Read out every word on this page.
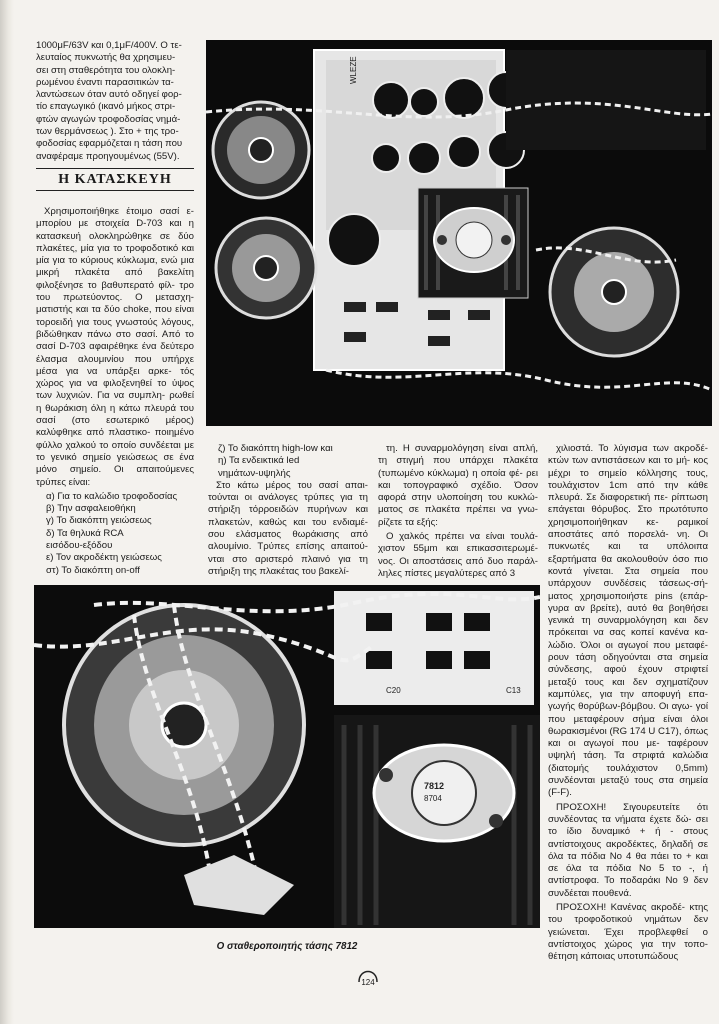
1000μF/63V και 0,1μF/400V. Ο τε-
λευταίος πυκνωτής θα χρησιμευ-
σει στη σταθερότητα του ολοκλη-
ρωμένου έναντι παρασιτικών τα-
λαντώσεων όταν αυτό οδηγεί φορ-
τίο επαγωγικό (ικανό μήκος στρι-
φτών αγωγών τροφοδοσίας νημά-
των θερμάνσεως ). Στο + της τρο-
φοδοσίας εφαρμόζεται η τάση που
αναφέραμε προηγουμένως (55V).
Η ΚΑΤΑΣΚΕΥΗ

Χρησιμοποιήθηκε έτοιμο σασί ε- μπορίου με στοιχεία D-703 και η κατασκευή ολοκληρώθηκε σε δύο πλακέτες, μία για το τροφοδοτικό και μία για το κύριους κύκλωμα, ενώ μια μικρή πλακέτα από βακελίτη φιλοξένησε το βαθυπερατό φίλ- τρο του πρωτεύοντος. Ο μετασχη- ματιστής και τα δύο choke, που είναι τοροειδή για τους γνωστούς λόγους, βιδώθηκαν πάνω στο σασί. Από το σασί D-703 αφαιρέθηκε ένα δεύτερο έλασμα αλουμινίου που υπήρχε μέσα για να υπάρξει αρκε- τός χώρος για να φιλοξενηθεί το ύψος των λυχνιών. Για να συμπλη- ρωθεί η θωράκιση όλη η κάτω πλευρά του σασί (στο εσωτερικό μέρος) καλύφθηκε από πλαστικο- ποιημένο φύλλο χαλκού το οποίο συνδέεται με το γενικό σημείο γειώσεως σε ένα μόνο σημείο. Οι απαιτούμενες τρύπες είναι:

α) Για το καλώδιο τροφοδοσίας
β) Την ασφαλειοθήκη
γ) Το διακόπτη γειώσεως
δ) Τα θηλυκά RCA
εισόδου-εξόδου
ε) Τον ακροδέκτη γειώσεως
στ) Το διακόπτη on-off
WLEZE
ζ) Το διακόπτη high-low και
η) Τα ενδεικτικά led
νημάτων-υψηλής

Στο κάτω μέρος του σασί απαι- τούνται οι ανάλογες τρύπες για τη στήριξη τόρροειδών πυρήνων και πλακετών, καθώς και του ενδιαμέ- σου ελάσματος θωράκισης από αλουμίνιο. Τρύπες επίσης απαιτού- νται στο αριστερό πλαινό για τη στήριξη της πλακέτας του βακελί-

τη. Η συναρμολόγηση είναι απλή, τη στιγμή που υπάρχει πλακέτα (τυπωμένο κύκλωμα) η οποία φέ- ρει και τοπογραφικό σχέδιο. Όσον αφορά στην υλοποίηση του κυκλώ- ματος σε πλακέτα πρέπει να γνω- ρίζετε τα εξής:

Ο χαλκός πρέπει να είναι τουλά- χιστον 55μm και επικασσιτερωμέ- νος. Οι αποστάσεις από δυο παράλ- ληλες πίστες μεγαλύτερες από 3

χιλιοστά. Το λύγισμα των ακροδέ- κτών των αντιστάσεων και το μή- κος μέχρι το σημείο κόλλησης τους, τουλάχιστον 1cm από την κάθε πλευρά. Σε διαφορετική πε- ρίπτωση επάγεται θόρυβος. Στο πρωτότυπο χρησιμοποιήθηκαν κε- ραμικοί αποστάτες από πορσελά- νη. Οι πυκνωτές και τα υπόλοιπα εξαρτήματα θα ακολουθούν όσο πιο κοντά γίνεται. Στα σημεία που υπάρχουν συνδέσεις τάσεως-σή- ματος χρησιμοποιήστε pins (επάρ- γυρα αν βρείτε), αυτό θα βοηθήσει γενικά τη συναρμολόγηση και δεν πρόκειται να σας κοπεί κανένα κα- λώδιο. Όλοι οι αγωγοί που μεταφέ- ρουν τάση οδηγούνται στα σημεία σύνδεσης, αφού έχουν στριφτεί μεταξύ τους και δεν σχηματίζουν καμπύλες, για την αποφυγή επα- γωγής θορύβων-βόμβου. Οι αγω- γοί που μεταφέρουν σήμα είναι όλοι θωρακισμένοι (RG 174 U C17), όπως και οι αγωγοί που με- ταφέρουν υψηλή τάση. Τα στριφτά καλώδια (διατομής τουλάχιστον 0,5mm) συνδέονται μεταξύ τους στα σημεία (F-F).

ΠΡΟΣΟΧΗ! Σιγουρευτείτε ότι συνδέοντας τα νήματα έχετε δώ- σει το ίδιο δυναμικό + ή - στους αντίστοιχους ακροδέκτες, δηλαδή σε όλα τα πόδια No 4 θα πάει το + και σε όλα τα πόδια No 5 το -, ή αντίστροφα. Το ποδαράκι No 9 δεν συνδέεται πουθενά.

ΠΡΟΣΟΧΗ! Κανένας ακροδέ- κτης του τροφοδοτικού νημάτων δεν γειώνεται. Έχει προβλεφθεί ο αντίστοιχος χώρος για την τοπο- θέτηση κάποιας υποτυπώδους

C20	C13
7812
8704
Ο σταθεροποιητής τάσης 7812
124
